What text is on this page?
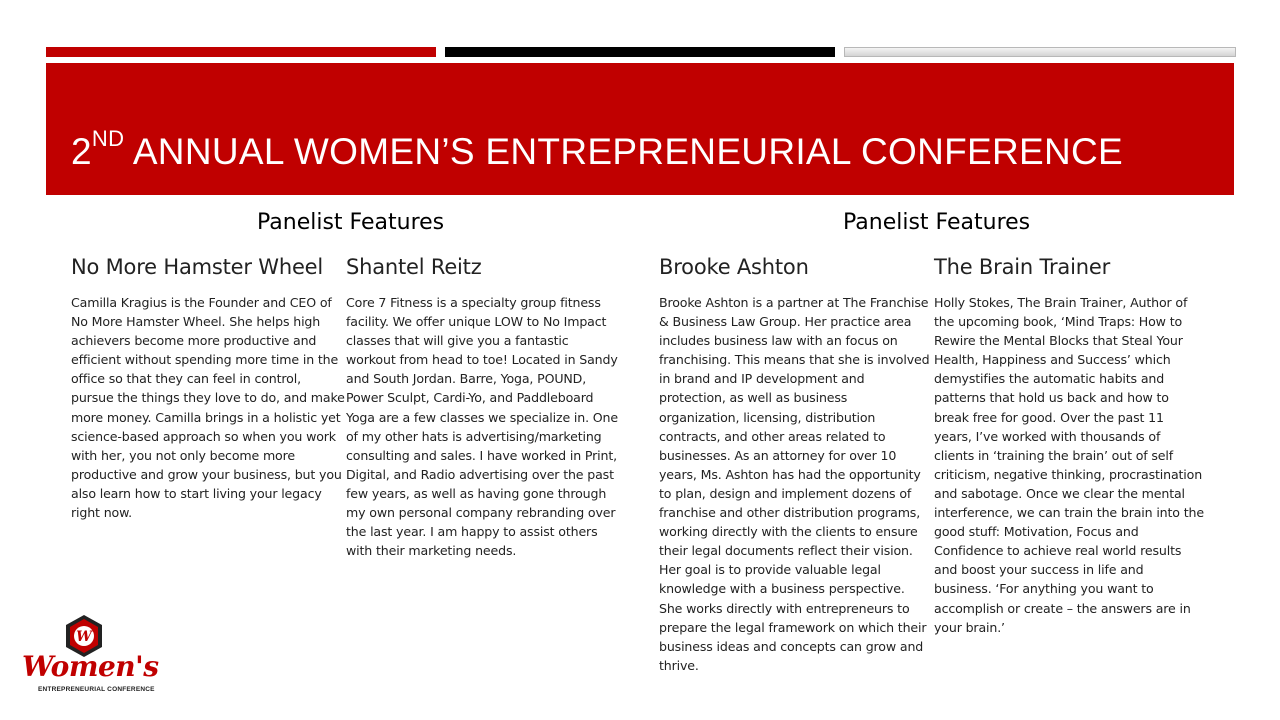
2ND ANNUAL WOMEN’S ENTREPRENEURIAL CONFERENCE
Panelist Features	Panelist Features
No More Hamster Wheel

Camilla Kragius is the Founder and CEO of No More Hamster Wheel. She helps high achievers become more productive and efficient without spending more time in the office so that they can feel in control, pursue the things they love to do, and make more money. Camilla brings in a holistic yet science-based approach so when you work with her, you not only become more productive and grow your business, but you also learn how to start living your legacy right now.

Shantel Reitz

Core 7 Fitness is a specialty group fitness facility. We offer unique LOW to No Impact classes that will give you a fantastic workout from head to toe! Located in Sandy and South Jordan. Barre, Yoga, POUND, Power Sculpt, Cardi-Yo, and Paddleboard Yoga are a few classes we specialize in. One of my other hats is advertising/marketing consulting and sales. I have worked in Print, Digital, and Radio advertising over the past few years, as well as having gone through my own personal company rebranding over the last year. I am happy to assist others with their marketing needs.

Brooke Ashton

Brooke Ashton is a partner at The Franchise & Business Law Group. Her practice area includes business law with an focus on franchising. This means that she is involved in brand and IP development and protection, as well as business organization, licensing, distribution contracts, and other areas related to businesses. As an attorney for over 10 years, Ms. Ashton has had the opportunity to plan, design and implement dozens of franchise and other distribution programs, working directly with the clients to ensure their legal documents reflect their vision. Her goal is to provide valuable legal knowledge with a business perspective. She works directly with entrepreneurs to prepare the legal framework on which their business ideas and concepts can grow and thrive.

The Brain Trainer

Holly Stokes, The Brain Trainer, Author of the upcoming book, ‘Mind Traps: How to Rewire the Mental Blocks that Steal Your Health, Happiness and Success’ which demystifies the automatic habits and patterns that hold us back and how to break free for good. Over the past 11 years, I’ve worked with thousands of clients in ‘training the brain’ out of self criticism, negative thinking, procrastination and sabotage. Once we clear the mental interference, we can train the brain into the good stuff: Motivation, Focus and Confidence to achieve real world results and boost your success in life and business. ‘For anything you want to accomplish or create – the answers are in your brain.’

W
Women's
ENTREPRENEURIAL CONFERENCE
